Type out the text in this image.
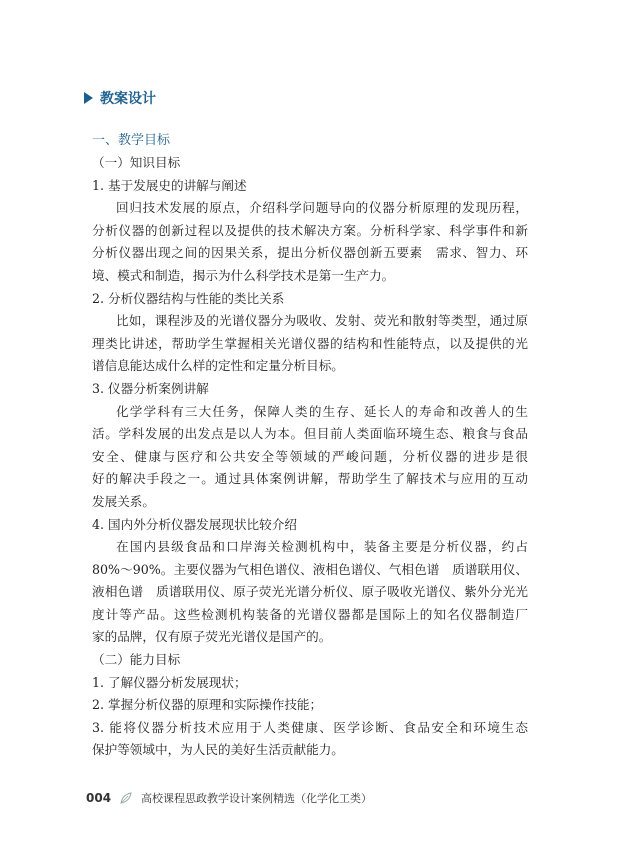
教案设计
一、教学目标
（一）知识目标
1. 基于发展史的讲解与阐述
回归技术发展的原点，介绍科学问题导向的仪器分析原理的发现历程，
分析仪器的创新过程以及提供的技术解决方案。分析科学家、科学事件和新
分析仪器出现之间的因果关系，提出分析仪器创新五要素　需求、智力、环
境、模式和制造，揭示为什么科学技术是第一生产力。
2. 分析仪器结构与性能的类比关系
比如，课程涉及的光谱仪器分为吸收、发射、荧光和散射等类型，通过原
理类比讲述，帮助学生掌握相关光谱仪器的结构和性能特点，以及提供的光
谱信息能达成什么样的定性和定量分析目标。
3. 仪器分析案例讲解
化学学科有三大任务，保障人类的生存、延长人的寿命和改善人的生
活。学科发展的出发点是以人为本。但目前人类面临环境生态、粮食与食品
安全、健康与医疗和公共安全等领域的严峻问题，分析仪器的进步是很
好的解决手段之一。通过具体案例讲解，帮助学生了解技术与应用的互动
发展关系。
4. 国内外分析仪器发展现状比较介绍
在国内县级食品和口岸海关检测机构中，装备主要是分析仪器，约占
80%～90%。主要仪器为气相色谱仪、液相色谱仪、气相色谱　质谱联用仪、
液相色谱　质谱联用仪、原子荧光光谱分析仪、原子吸收光谱仪、紫外分光光
度计等产品。这些检测机构装备的光谱仪器都是国际上的知名仪器制造厂
家的品牌，仅有原子荧光光谱仪是国产的。
（二）能力目标
1. 了解仪器分析发展现状；
2. 掌握分析仪器的原理和实际操作技能；
3. 能将仪器分析技术应用于人类健康、医学诊断、食品安全和环境生态
保护等领域中，为人民的美好生活贡献能力。
004	高校课程思政教学设计案例精选（化学化工类）
